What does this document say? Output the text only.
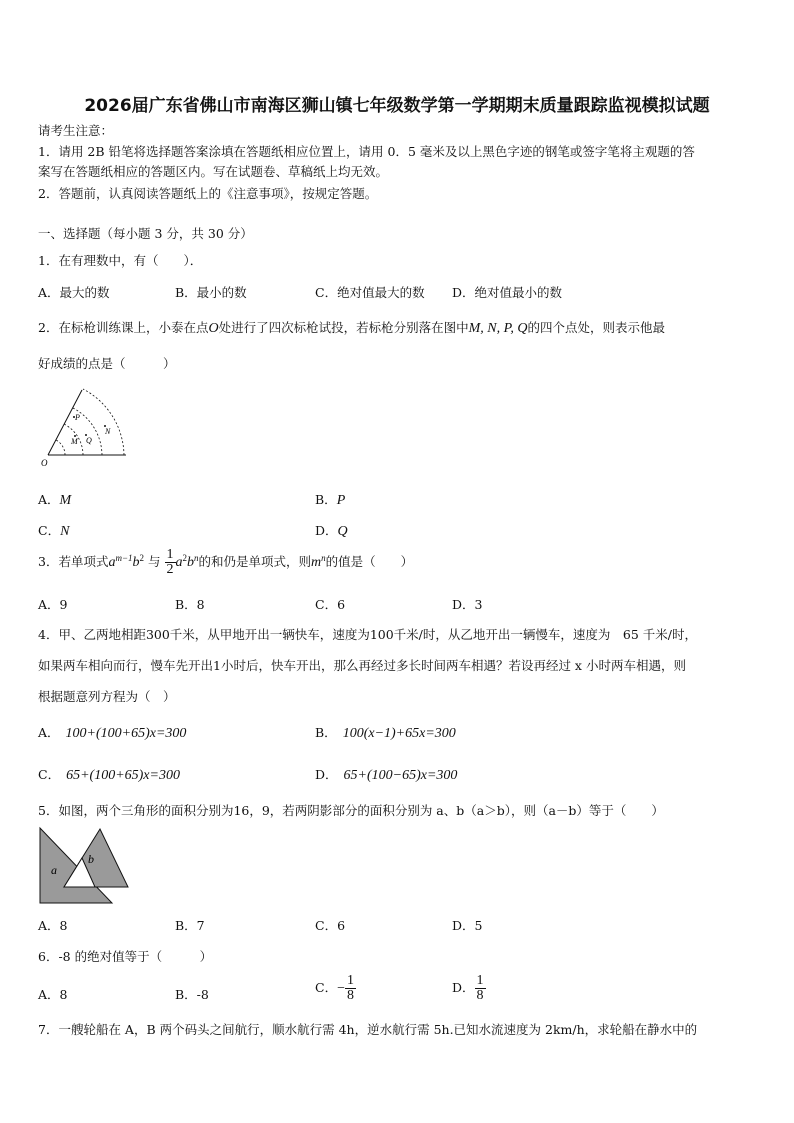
2026届广东省佛山市南海区狮山镇七年级数学第一学期期末质量跟踪监视模拟试题
请考生注意：
1．请用 2B 铅笔将选择题答案涂填在答题纸相应位置上，请用 0．5 毫米及以上黑色字迹的钢笔或签字笔将主观题的答
案写在答题纸相应的答题区内。写在试题卷、草稿纸上均无效。
2．答题前，认真阅读答题纸上的《注意事项》，按规定答题。
一、选择题（每小题 3 分，共 30 分）
1．在有理数中，有（　　）．
A．最大的数	B．最小的数	C．绝对值最大的数 D．绝对值最小的数
2．在标枪训练课上，小泰在点O处进行了四次标枪试投，若标枪分别落在图中M, N, P, Q的四个点处，则表示他最
好成绩的点是（　　　）
O
P
M Q
N
A．M	B．P
C．N	D．Q
3．若单项式$a^{m-1}b^2$ 与 $\frac{1}{2} a^2b^n$的和仍是单项式，则$m^n$的值是（　　）
A．9	B．8	C．6	D．3
4．甲、乙两地相距300千米，从甲地开出一辆快车，速度为100千米/时，从乙地开出一辆慢车，速度为　65 千米/时，
如果两车相向而行，慢车先开出1小时后，快车开出，那么再经过多长时间两车相遇？若设再经过 x 小时两车相遇，则
根据题意列方程为（　）
A． 100+(100+65)x=300	B． 100(x−1)+65x=300
C． 65+(100+65)x=300	D． 65+(100−65)x=300
5．如图，两个三角形的面积分别为16，9，若两阴影部分的面积分别为 a、b（a＞b），则（a－b）等于（　　）
a
b
A．8	B．7	C．6	D．5
6．-8 的绝对值等于（　　　）
A．8	B．-8	C．− $\frac{1}{8}$	D． $\frac{1}{8}$
7．一艘轮船在 A，B 两个码头之间航行，顺水航行需 4h，逆水航行需 5h.已知水流速度为 2km/h，求轮船在静水中的
